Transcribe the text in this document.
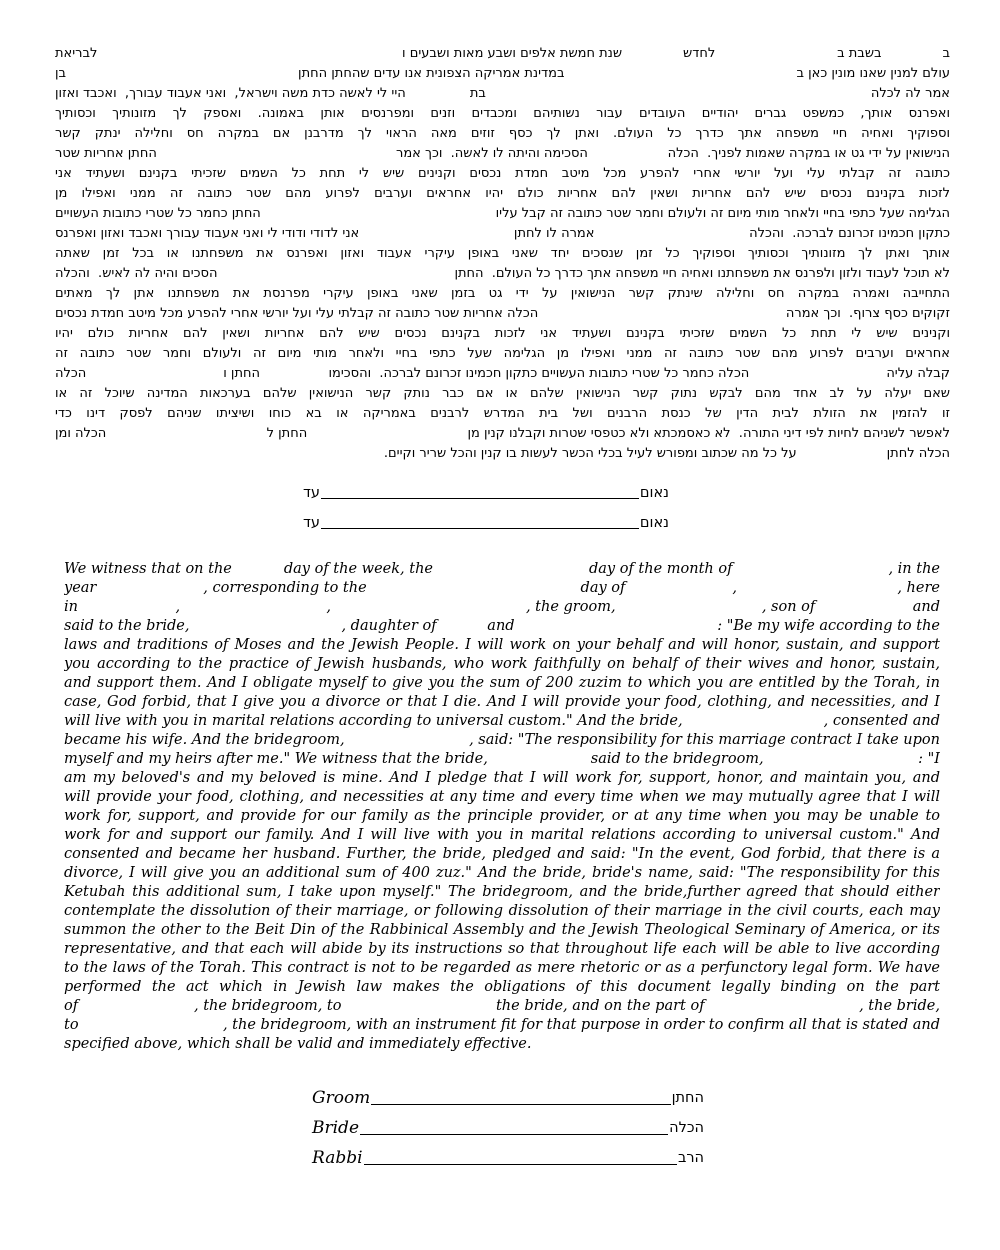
ב
בשבת ב
לחדש
שנת חמשת אלפים ושבע מאות ושבעים ו
לבריאת
עולם למנין שאנו מונין כאן ב
במדינת אמריקה הצפונית אנו עדים שהחתן החתן
בן
אמר לה לכלה
בת
היי לי לאשה כדת משה וישראל,  ואני אעבוד עבורך,  ואכבד ואזון
ואפרנס אותך, כמשפט גברים יהודיים העובדים עבור נשותיהם ומכבדים וזנים ומפרנסים אותן באמונה. ואספק לך מזונותיך וכסותיך
וספוקיך ואחיה חיי משפחה אתך כדרך כל העולם. ואתן לך כסף זוזים מאה הראוי לך מדרבנן אם במקרה חס וחלילה ינתק קשר
הנישואין על ידי גט או במקרה שאמות לפניך.  הכלה
הסכימה והיתה לו לאשה.  וכך אמר
החתן אחריות שטר
כתובה זה קבלתי עלי ועל יורשי אחרי להפרע מכל מיטב חמדת נכסים וקנינים שיש לי תחת כל השמים שזכיתי בקנינם ושעתיד אני
לזכות בקנינם נכסים שיש להם אחריות ושאין להם אחריות כולם יהיו אחראים וערבים לפרוע מהם שטר כתובה זה ממני ואפילו מן
הגלימה שעל כתפי בחיי ולאחר מותי מיום זה ולעולם וחמר שטר כתובה זה קבל עליו
החתן כחמר כל שטרי כתובות העשויים
כתקון חכמינו זכרונם לברכה.  והכלה
אמרה לו לחתן
אני לדודי ודודי לי ואני אעבוד עבורך ואכבד ואזון ואפרנס
אותך ואתן לך מזונותיך וכסותיך וספוקיך כל זמן שנסכים יחד שאני באופן עיקרי אעבוד ואזון ואפרנס את משפחתנו או בכל זמן שאתה
לא תוכל לעבוד ולזון ולפרנס את משפחתנו ואחיה חיי משפחה אתך כדרך כל העולם.  החתן
הסכים והיה לה לאיש.  והכלה
התחייבה ואמרה במקרה חס וחלילה שינתק קשר הנישואין על ידי גט בזמן שאני באופן עיקרי מפרנסת את משפחתנו אתן לך מאתים
זקוקים כסף צרוף.  וכך אמרה
הכלה אחריות שטר כתובה זה קבלתי עלי ועל יורשי אחרי להפרע מכל מיטב חמדת נכסים
וקנינים שיש לי תחת כל השמים שזכיתי בקנינם ושעתיד אני לזכות בקנינם נכסים שיש להם אחריות ושאין להם אחריות כולם יהיו
אחראים וערבים לפרוע מהם שטר כתובה זה ממני ואפילו מן הגלימה שעל כתפי בחיי ולאחר מותי מיום זה ולעולם וחמר שטר כתובה זה
קבלה עליה
הכלה כחמר כל שטרי כתובות העשויים כתקון חכמינו זכרונם לברכה.  והסכימו
החתן ו
הכלה
שאם יעלה על לב אחד מהם לבקש נתוק קשר הנישואין שלהם או אם כבר נותק קשר הנישואין שלהם בערכאות המדינה שיוכל זה או
זו להזמין את הזולת לבית הדין של כנסת הרבנים ושל בית המדרש לרבנים באמריקה או בא כוחו ושיציתו שניהם לפסק דינו כדי
לאפשר לשניהם לחיות לפי דיני התורה.  לא כאסמכתא ולא כטפסי שטרות וקבלנו קנין מן
החתן ל
הכלה ומן
הכלה לחתןעל כל מה שכתוב ומפורש לעיל בכלי הכשר לעשות בו קנין והכל שריר וקיים.
נאום
עד
נאום
עד
We witness that on the	day of the week, the	day of the month of	, in the
year	, corresponding to the	day of	,	, here
in	,	,	, the groom,	, son of	and
said to the bride,	, daughter of	and	: "Be my wife according to the
laws and traditions of Moses and the Jewish People. I will work on your behalf and will honor, sustain, and support
you according to the practice of Jewish husbands, who work faithfully on behalf of their wives and honor, sustain,
and support them. And I obligate myself to give you the sum of 200 zuzim to which you are entitled by the Torah, in
case, God forbid, that I give you a divorce or that I die. And I will provide your food, clothing, and necessities, and I
will live with you in marital relations according to universal custom." And the bride,	, consented and
became his wife. And the bridegroom,	, said: "The responsibility for this marriage contract I take upon
myself and my heirs after me." We witness that the bride,	said to the bridegroom,	: "I
am my beloved's and my beloved is mine. And I pledge that I will work for, support, honor, and maintain you, and
will provide your food, clothing, and necessities at any time and every time when we may mutually agree that I will
work for, support, and provide for our family as the principle provider, or at any time when you may be unable to
work for and support our family. And I will live with you in marital relations according to universal custom." And
consented and became her husband. Further, the bride, pledged and said: "In the event, God forbid, that there is a
divorce, I will give you an additional sum of 400 zuz." And the bride, bride's name, said: "The responsibility for this
Ketubah this additional sum, I take upon myself." The bridegroom, and the bride,further agreed that should either
contemplate the dissolution of their marriage, or following dissolution of their marriage in the civil courts, each may
summon the other to the Beit Din of the Rabbinical Assembly and the Jewish Theological Seminary of America, or its
representative, and that each will abide by its instructions so that throughout life each will be able to live according
to the laws of the Torah. This contract is not to be regarded as mere rhetoric or as a perfunctory legal form. We have
performed the act which in Jewish law makes the obligations of this document legally binding on the part
of	, the bridegroom, to	the bride, and on the part of	, the bride,
to	, the bridegroom, with an instrument fit for that purpose in order to confirm all that is stated and
specified above, which shall be valid and immediately effective.
Groom	החתן
Bride	הכלה
Rabbi	הרב
